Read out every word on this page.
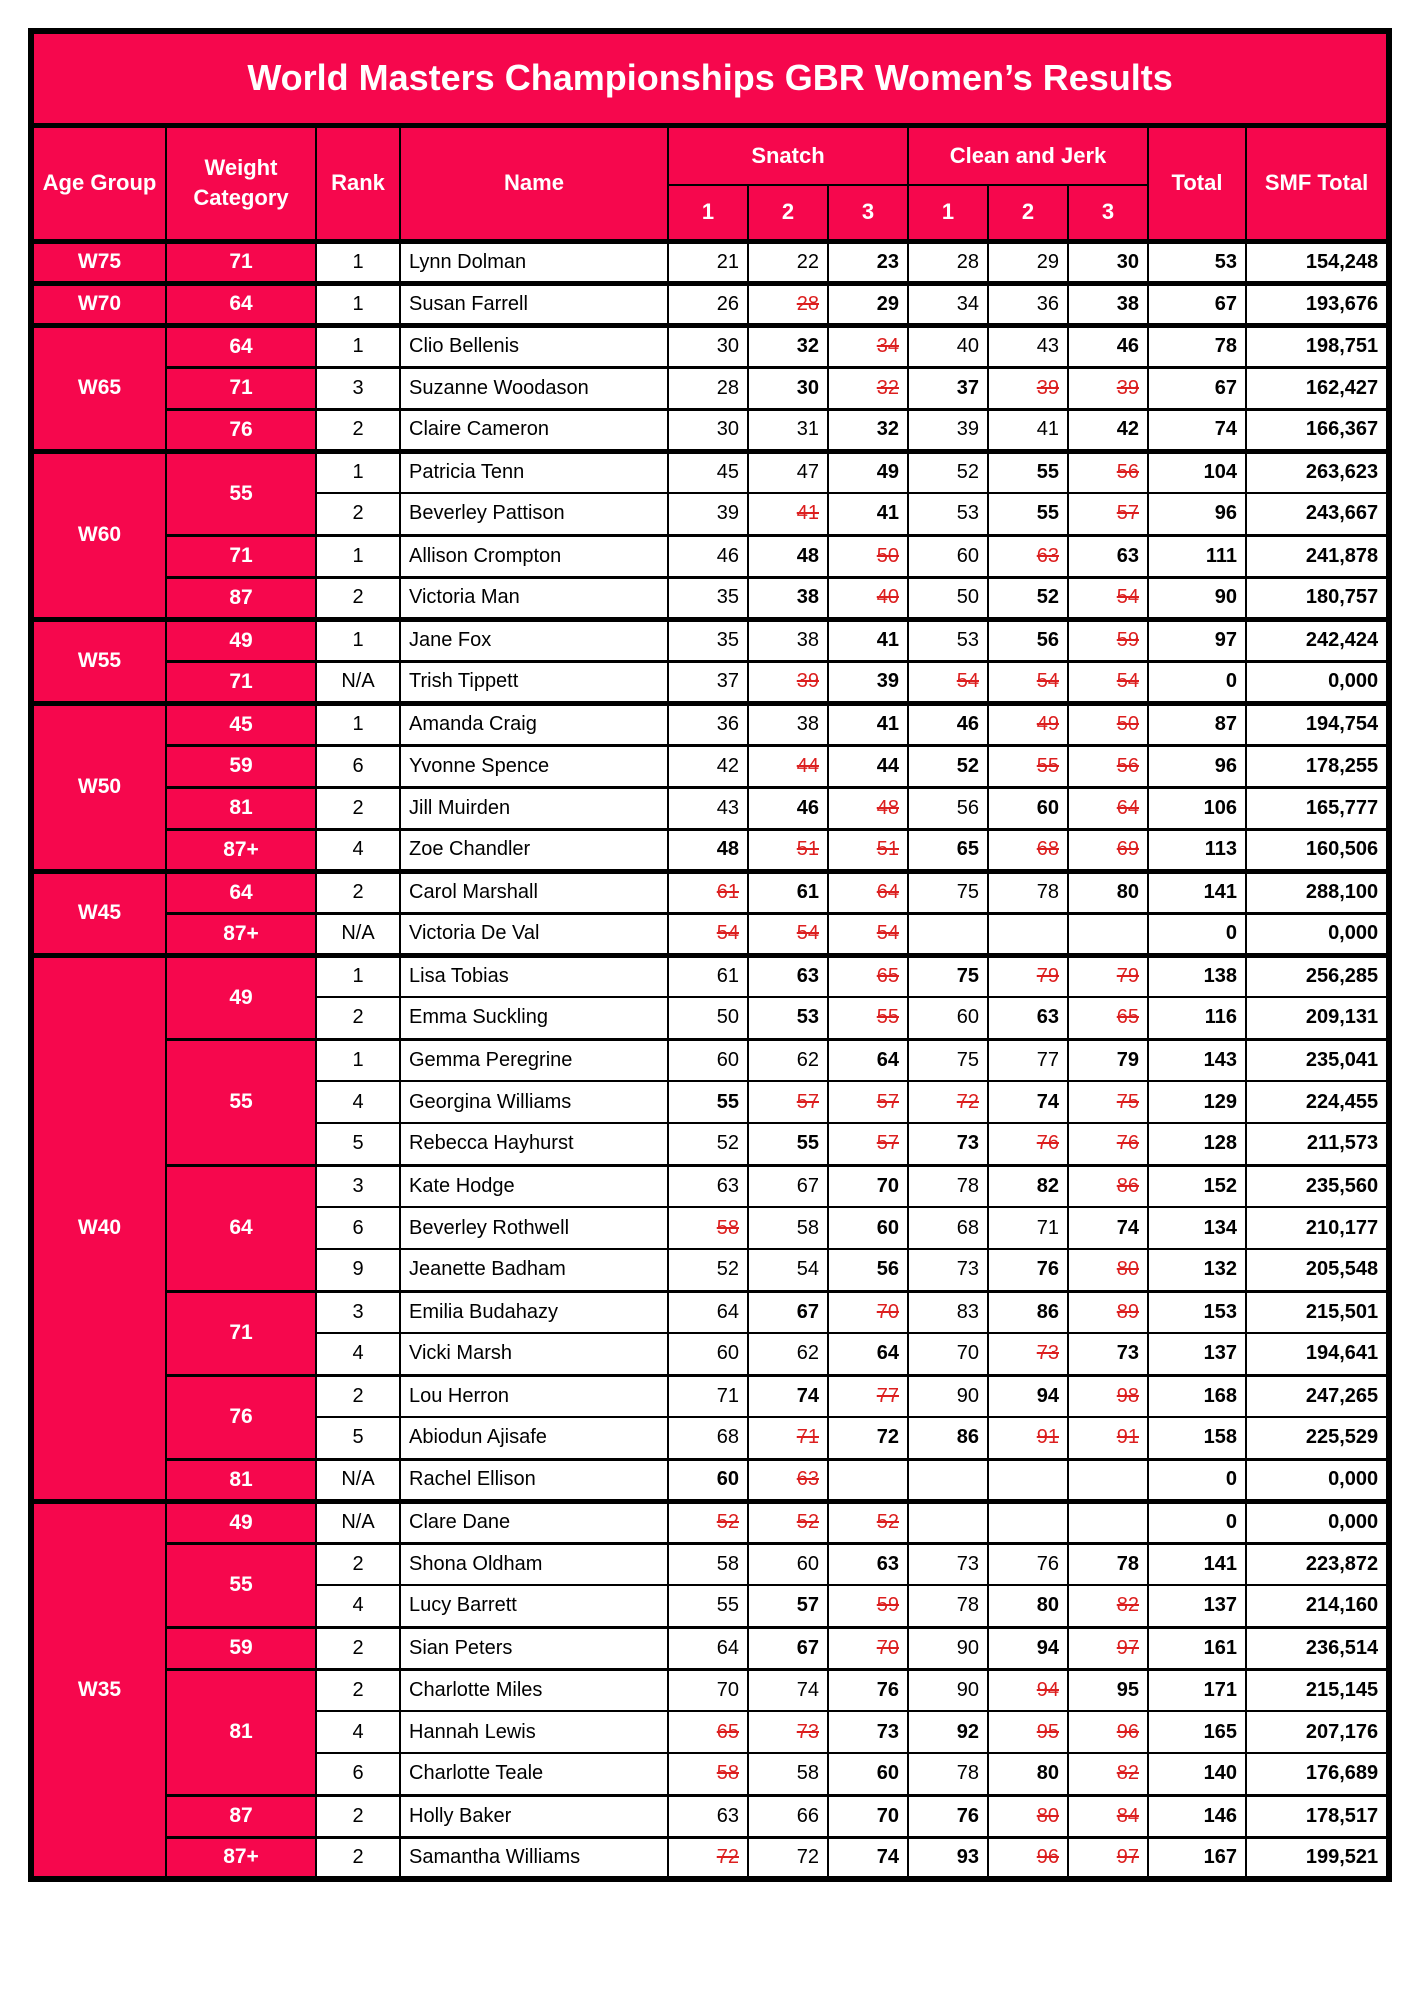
World Masters Championships GBR Women’s Results											
Age Group	Weight Category	Rank	Name	Snatch			Clean and Jerk			Total	SMF Total
				1	2	3	1	2	3		
W75	71	1	Lynn Dolman	21	22	23	28	29	30	53	154,248
W70	64	1	Susan Farrell	26	28	29	34	36	38	67	193,676
W65	64	1	Clio Bellenis	30	32	34	40	43	46	78	198,751
	71	3	Suzanne Woodason	28	30	32	37	39	39	67	162,427
	76	2	Claire Cameron	30	31	32	39	41	42	74	166,367
W60	55	1	Patricia Tenn	45	47	49	52	55	56	104	263,623
		2	Beverley Pattison	39	41	41	53	55	57	96	243,667
	71	1	Allison Crompton	46	48	50	60	63	63	111	241,878
	87	2	Victoria Man	35	38	40	50	52	54	90	180,757
W55	49	1	Jane Fox	35	38	41	53	56	59	97	242,424
	71	N/A	Trish Tippett	37	39	39	54	54	54	0	0,000
W50	45	1	Amanda Craig	36	38	41	46	49	50	87	194,754
	59	6	Yvonne Spence	42	44	44	52	55	56	96	178,255
	81	2	Jill Muirden	43	46	48	56	60	64	106	165,777
	87+	4	Zoe Chandler	48	51	51	65	68	69	113	160,506
W45	64	2	Carol Marshall	61	61	64	75	78	80	141	288,100
	87+	N/A	Victoria De Val	54	54	54				0	0,000
W40	49	1	Lisa Tobias	61	63	65	75	79	79	138	256,285
		2	Emma Suckling	50	53	55	60	63	65	116	209,131
	55	1	Gemma Peregrine	60	62	64	75	77	79	143	235,041
		4	Georgina Williams	55	57	57	72	74	75	129	224,455
		5	Rebecca Hayhurst	52	55	57	73	76	76	128	211,573
	64	3	Kate Hodge	63	67	70	78	82	86	152	235,560
		6	Beverley Rothwell	58	58	60	68	71	74	134	210,177
		9	Jeanette Badham	52	54	56	73	76	80	132	205,548
	71	3	Emilia Budahazy	64	67	70	83	86	89	153	215,501
		4	Vicki Marsh	60	62	64	70	73	73	137	194,641
	76	2	Lou Herron	71	74	77	90	94	98	168	247,265
		5	Abiodun Ajisafe	68	71	72	86	91	91	158	225,529
	81	N/A	Rachel Ellison	60	63					0	0,000
W35	49	N/A	Clare Dane	52	52	52				0	0,000
	55	2	Shona Oldham	58	60	63	73	76	78	141	223,872
		4	Lucy Barrett	55	57	59	78	80	82	137	214,160
	59	2	Sian Peters	64	67	70	90	94	97	161	236,514
	81	2	Charlotte Miles	70	74	76	90	94	95	171	215,145
		4	Hannah Lewis	65	73	73	92	95	96	165	207,176
		6	Charlotte Teale	58	58	60	78	80	82	140	176,689
	87	2	Holly Baker	63	66	70	76	80	84	146	178,517
	87+	2	Samantha Williams	72	72	74	93	96	97	167	199,521
